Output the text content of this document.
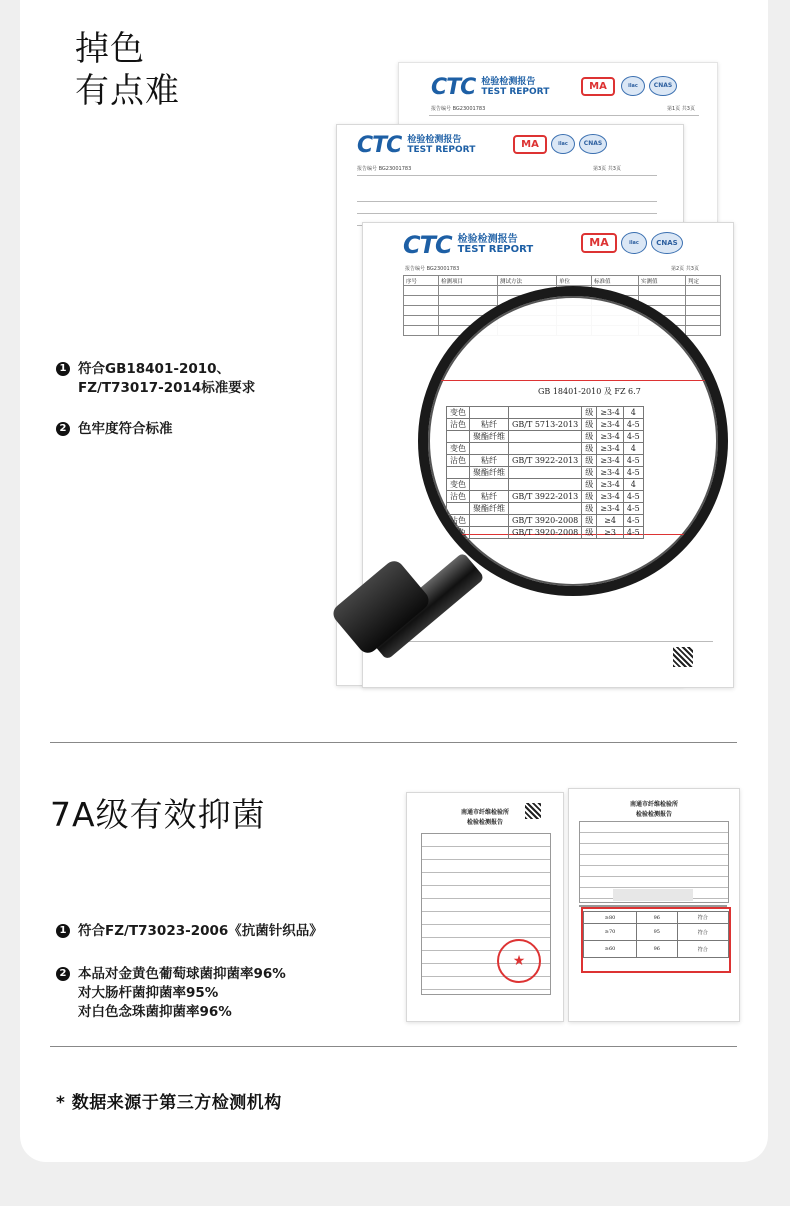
掉色
有点难
1 符合GB18401-2010、
FZ/T73017-2014标准要求
2 色牢度符合标准
CTC 检验检测报告
TEST REPORT	MA	ilac	CNAS
报告编号 BG23001783	第1页 共3页
CTC 检验检测报告
TEST REPORT	MA	ilac	CNAS
报告编号 BG23001783	第3页 共3页
CTC 检验检测报告
TEST REPORT
MA	ilac	CNAS
报告编号 BG23001783	第2页 共3页
序号	检测项目	测试方法	单位	标准值	实测值	判定

GB 18401-2010 及 FZ 6.7
变色			级	≥3-4	4
沾色	粘纤	GB/T 5713-2013	级	≥3-4	4-5
	聚酯纤维		级	≥3-4	4-5
变色			级	≥3-4	4
沾色	粘纤	GB/T 3922-2013	级	≥3-4	4-5
	聚酯纤维		级	≥3-4	4-5
变色			级	≥3-4	4
沾色	粘纤	GB/T 3922-2013	级	≥3-4	4-5
	聚酯纤维		级	≥3-4	4-5
沾色		GB/T 3920-2008	级	≥4	4-5
沾色		GB/T 3920-2008	级	≥3	4-5
7A级有效抑菌
1 符合FZ/T73023-2006《抗菌针织品》
2 本品对金黄色葡萄球菌抑菌率96%
对大肠杆菌抑菌率95%
对白色念珠菌抑菌率96%
南通市纤维检验所
检验检测报告
★
南通市纤维检验所
检验检测报告
≥80	96	符合
≥70	95	符合
≥60	96	符合
* 数据来源于第三方检测机构
